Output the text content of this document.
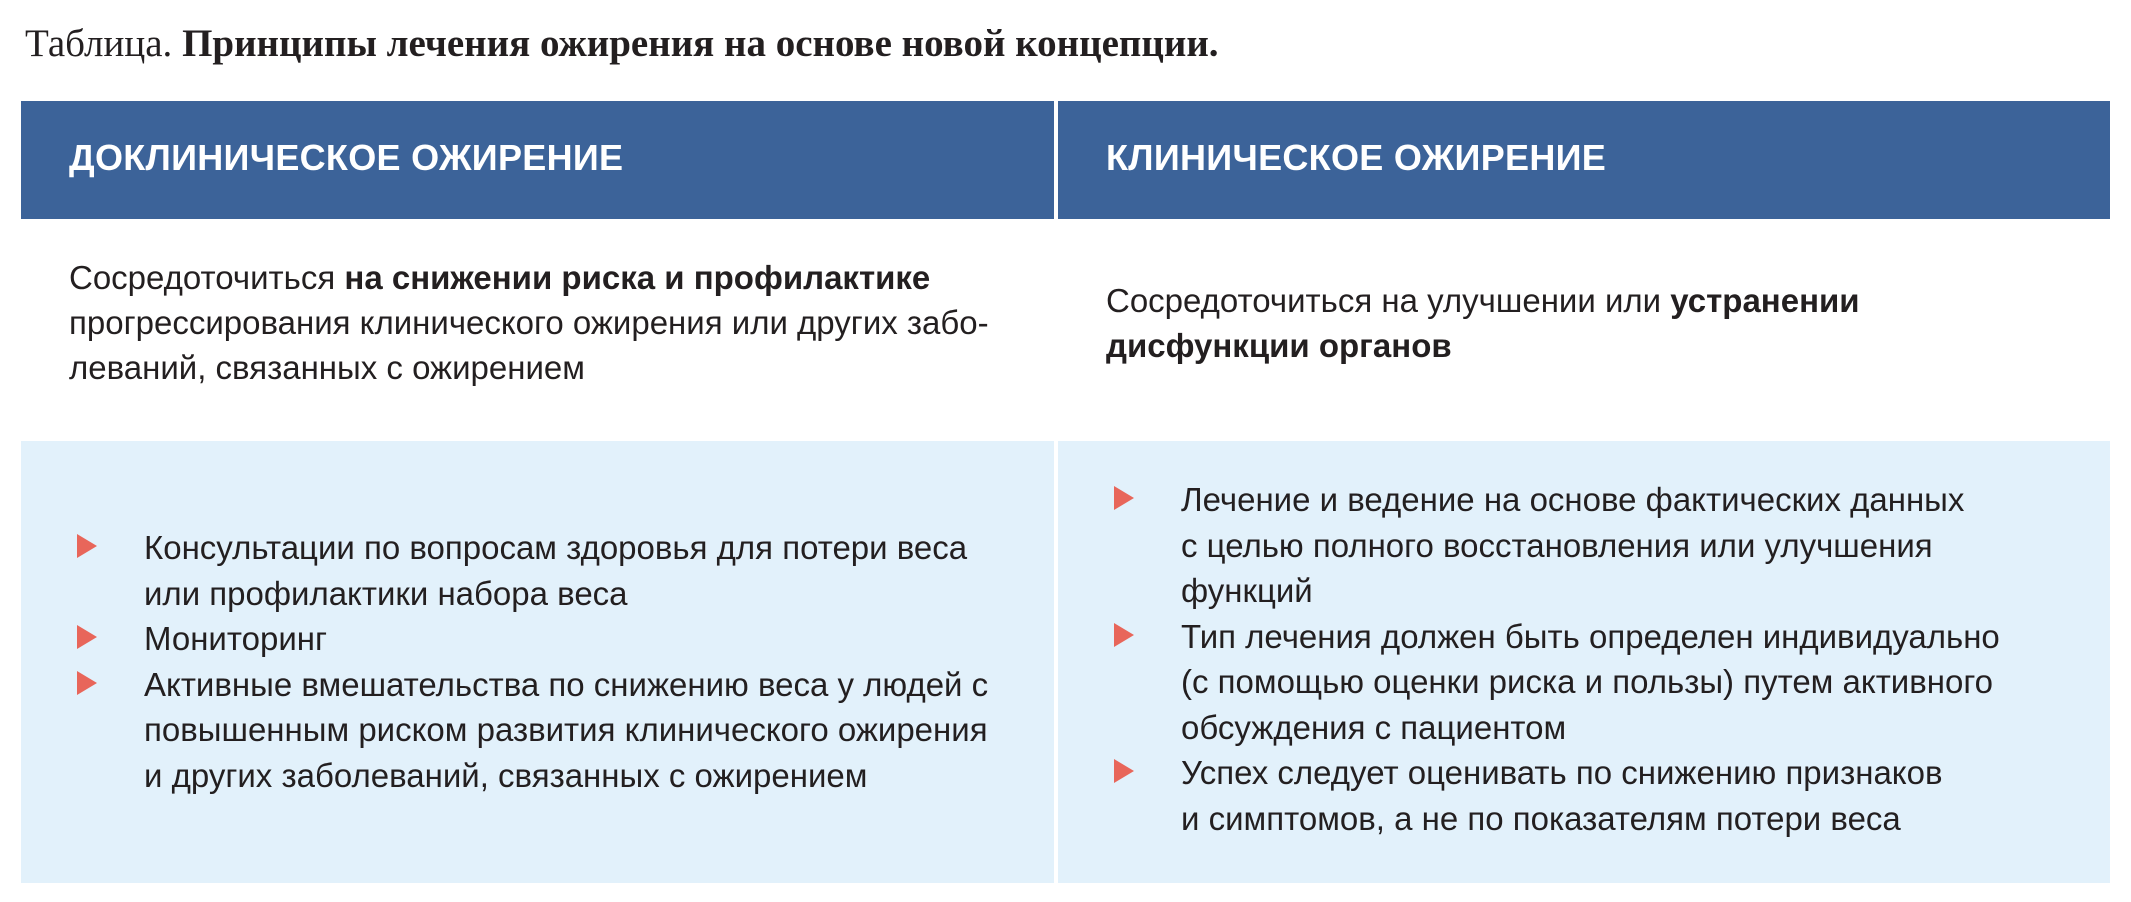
Таблица. Принципы лечения ожирения на основе новой концепции.
ДОКЛИНИЧЕСКОЕ ОЖИРЕНИЕ

Сосредоточиться на снижении риска и профилактике
прогрессирования клинического ожирения или других забо-
леваний, связанных с ожирением

Консультации по вопросам здоровья для потери веса
или профилактики набора веса
Мониторинг
Активные вмешательства по снижению веса у людей с
повышенным риском развития клинического ожирения
и других заболеваний, связанных с ожирением
КЛИНИЧЕСКОЕ ОЖИРЕНИЕ

Сосредоточиться на улучшении или устранении
дисфункции органов

Лечение и ведение на основе фактических данных
с целью полного восстановления или улучшения
функций
Тип лечения должен быть определен индивидуально
(с помощью оценки риска и пользы) путем активного
обсуждения с пациентом
Успех следует оценивать по снижению признаков
и симптомов, а не по показателям потери веса
